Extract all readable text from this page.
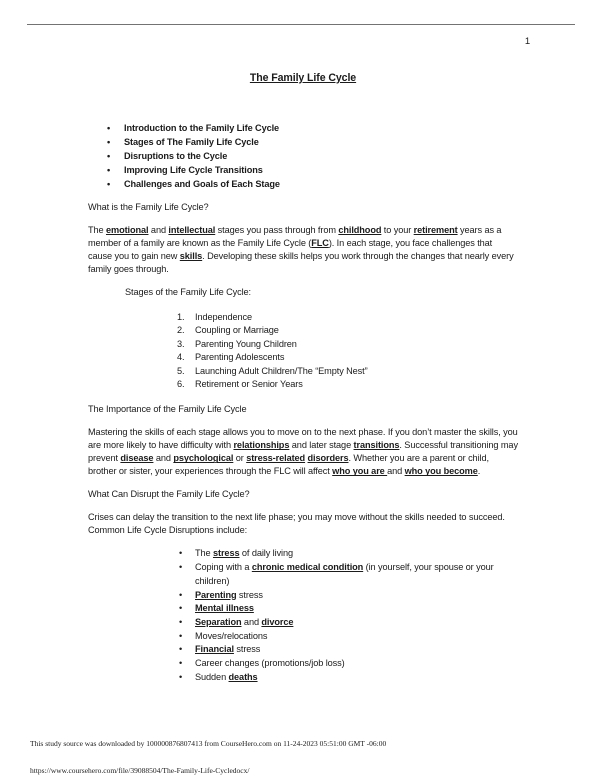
1
The Family Life Cycle
• Introduction to the Family Life Cycle
• Stages of The Family Life Cycle
• Disruptions to the Cycle
• Improving Life Cycle Transitions
• Challenges and Goals of Each Stage

What is the Family Life Cycle?

The emotional and intellectual stages you pass through from childhood to your retirement years as a member of a family are known as the Family Life Cycle (FLC). In each stage, you face challenges that cause you to gain new skills. Developing these skills helps you work through the changes that nearly every family goes through.

Stages of the Family Life Cycle:

Independence
Coupling or Marriage
Parenting Young Children
Parenting Adolescents
Launching Adult Children/The “Empty Nest”
Retirement or Senior Years

The Importance of the Family Life Cycle

Mastering the skills of each stage allows you to move on to the next phase. If you don’t master the skills, you are more likely to have difficulty with relationships and later stage transitions. Successful transitioning may prevent disease and psychological or stress-related disorders. Whether you are a parent or child, brother or sister, your experiences through the FLC will affect who you are and who you become.

What Can Disrupt the Family Life Cycle?

Crises can delay the transition to the next life phase; you may move without the skills needed to succeed. Common Life Cycle Disruptions include:

• The stress of daily living
• Coping with a chronic medical condition (in yourself, your spouse or your children)
• Parenting stress
• Mental illness
• Separation and divorce
• Moves/relocations
• Financial stress
• Career changes (promotions/job loss)
• Sudden deaths
This study source was downloaded by 100000876807413 from CourseHero.com on 11-24-2023 05:51:00 GMT -06:00
https://www.coursehero.com/file/39088504/The-Family-Life-Cycledocx/
